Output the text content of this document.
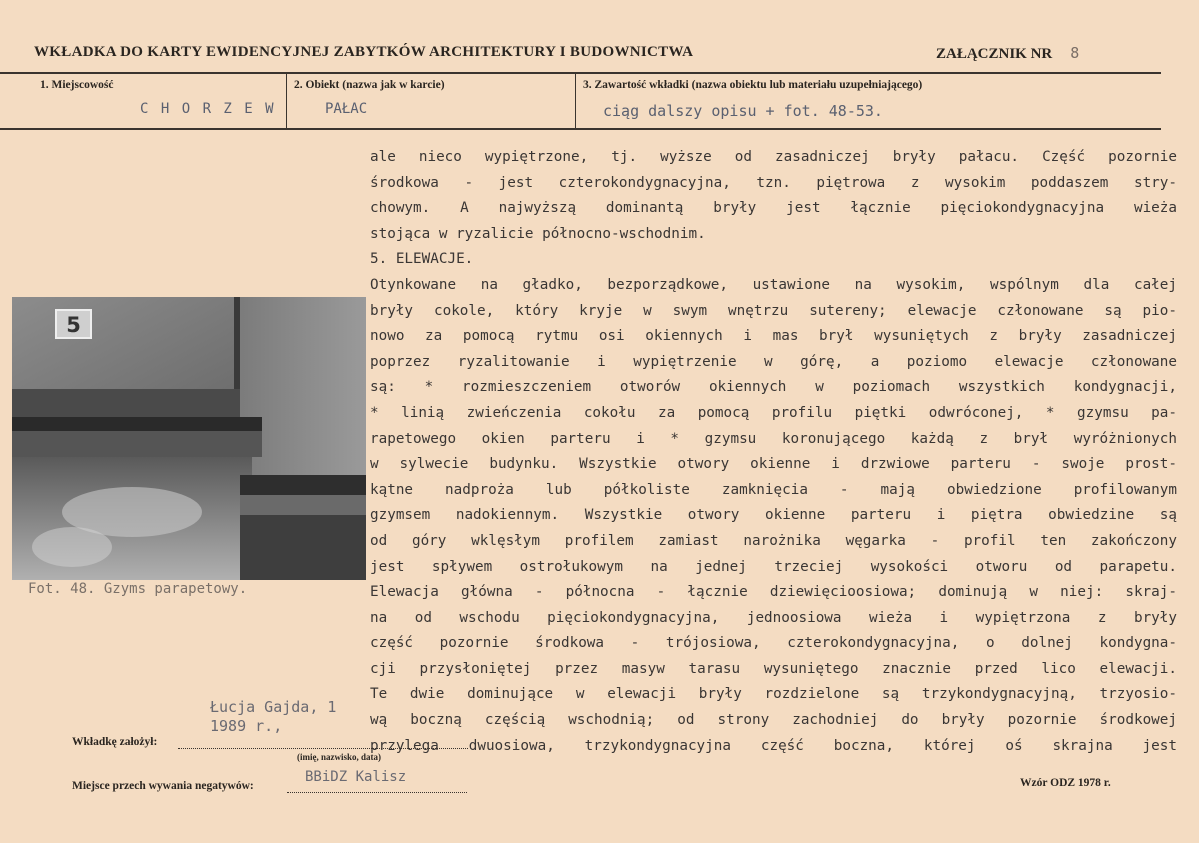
WKŁADKA DO KARTY EWIDENCYJNEJ ZABYTKÓW ARCHITEKTURY I BUDOWNICTWA	ZAŁĄCZNIK NR 8
1. Miejscowość
C H O R Z E W
2. Obiekt (nazwa jak w karcie)
PAŁAC
3. Zawartość wkładki (nazwa obiektu lub materiału uzupełniającego)
ciąg dalszy opisu + fot. 48-53.
ale nieco wypiętrzone, tj. wyższe od zasadniczej bryły pałacu. Część pozornie
środkowa - jest czterokondygnacyjna, tzn. piętrowa z wysokim poddaszem stry-
chowym. A najwyższą dominantą bryły jest łącznie pięciokondygnacyjna wieża
stojąca w ryzalicie północno-wschodnim.
5. ELEWACJE.
Otynkowane na gładko, bezporządkowe, ustawione na wysokim, wspólnym dla całej
bryły cokole, który kryje w swym wnętrzu sutereny; elewacje członowane są pio-
nowo za pomocą rytmu osi okiennych i mas brył wysuniętych z bryły zasadniczej
poprzez ryzalitowanie i wypiętrzenie w górę, a poziomo elewacje członowane
są: * rozmieszczeniem otworów okiennych w poziomach wszystkich kondygnacji,
* linią zwieńczenia cokołu za pomocą profilu piętki odwróconej, * gzymsu pa-
rapetowego okien parteru i * gzymsu koronującego każdą z brył wyróżnionych
w sylwecie budynku. Wszystkie otwory okienne i drzwiowe parteru - swoje prost-
kątne nadproża lub półkoliste zamknięcia - mają obwiedzione profilowanym
gzymsem nadokiennym. Wszystkie otwory okienne parteru i piętra obwiedzine są
od góry wklęsłym profilem zamiast narożnika węgarka - profil ten zakończony
jest spływem ostrołukowym na jednej trzeciej wysokości otworu od parapetu.
Elewacja główna - północna - łącznie dziewięcioosiowa; dominują w niej: skraj-
na od wschodu pięciokondygnacyjna, jednoosiowa wieża i wypiętrzona z bryły
część pozornie środkowa - trójosiowa, czterokondygnacyjna, o dolnej kondygna-
cji przysłoniętej przez masyw tarasu wysuniętego znacznie przed lico elewacji.
Te dwie dominujące w elewacji bryły rozdzielone są trzykondygnacyjną, trzyosio-
wą boczną częścią wschodnią; od strony zachodniej do bryły pozornie środkowej
przylega dwuosiowa, trzykondygnacyjna część boczna, której oś skrajna jest
5
Fot. 48. Gzyms parapetowy.
Łucja Gajda, 1
1989 r.,
Wkładkę założył:
(imię, nazwisko, data)
BBiDZ Kalisz
Miejsce przech wywania negatywów:	Wzór ODZ 1978 r.
